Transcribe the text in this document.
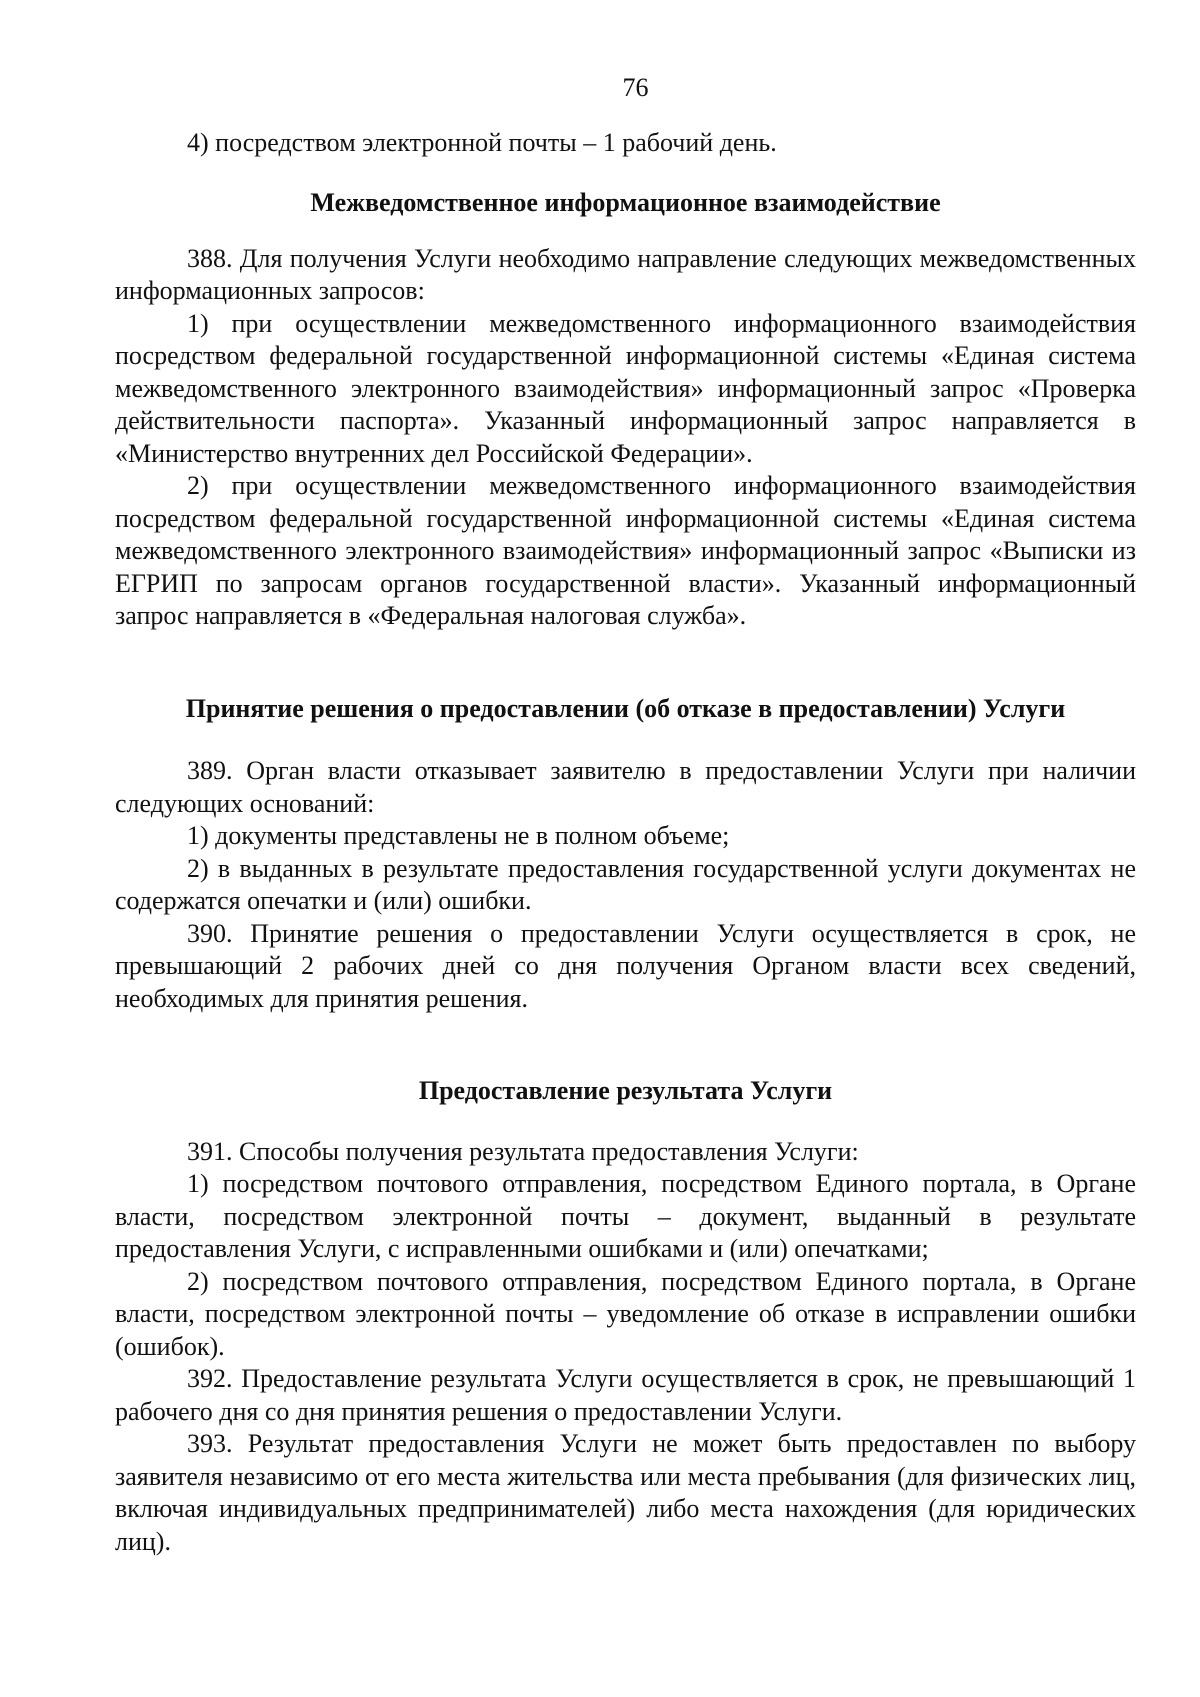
76

4) посредством электронной почты – 1 рабочий день.

Межведомственное информационное взаимодействие

388. Для получения Услуги необходимо направление следующих межведомственных информационных запросов:

1) при осуществлении межведомственного информационного взаимодействия посредством федеральной государственной информационной системы «Единая система межведомственного электронного взаимодействия» информационный запрос «Проверка действительности паспорта». Указанный информационный запрос направляется в «Министерство внутренних дел Российской Федерации».

2) при осуществлении межведомственного информационного взаимодействия посредством федеральной государственной информационной системы «Единая система межведомственного электронного взаимодействия» информационный запрос «Выписки из ЕГРИП по запросам органов государственной власти». Указанный информационный запрос направляется в «Федеральная налоговая служба».

Принятие решения о предоставлении (об отказе в предоставлении) Услуги

389. Орган власти отказывает заявителю в предоставлении Услуги при наличии следующих оснований:

1) документы представлены не в полном объеме;

2) в выданных в результате предоставления государственной услуги документах не содержатся опечатки и (или) ошибки.

390. Принятие решения о предоставлении Услуги осуществляется в срок, не превышающий 2 рабочих дней со дня получения Органом власти всех сведений, необходимых для принятия решения.

Предоставление результата Услуги

391. Способы получения результата предоставления Услуги:

1) посредством почтового отправления, посредством Единого портала, в Органе власти, посредством электронной почты – документ, выданный в результате предоставления Услуги, с исправленными ошибками и (или) опечатками;

2) посредством почтового отправления, посредством Единого портала, в Органе власти, посредством электронной почты – уведомление об отказе в исправлении ошибки (ошибок).

392. Предоставление результата Услуги осуществляется в срок, не превышающий 1 рабочего дня со дня принятия решения о предоставлении Услуги.

393. Результат предоставления Услуги не может быть предоставлен по выбору заявителя независимо от его места жительства или места пребывания (для физических лиц, включая индивидуальных предпринимателей) либо места нахождения (для юридических лиц).
